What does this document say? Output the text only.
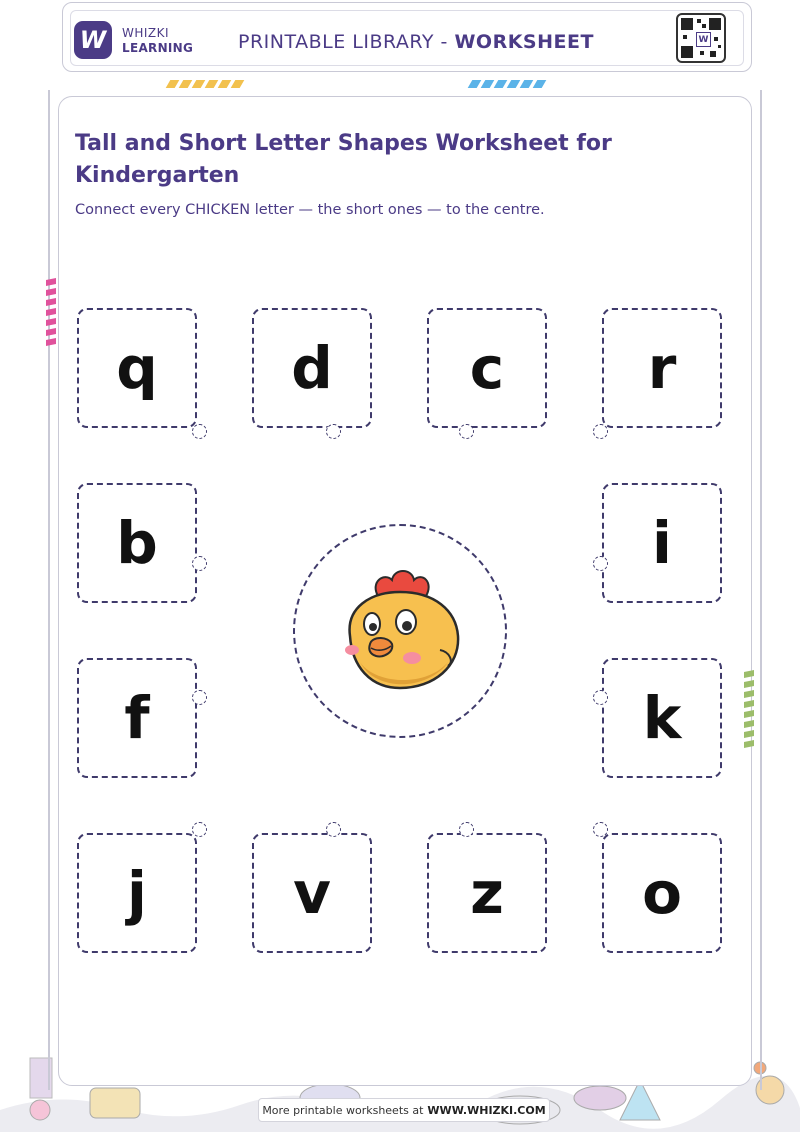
W	WHIZKI
LEARNING PRINTABLE LIBRARY - WORKSHEET	W
Tall and Short Letter Shapes Worksheet for Kindergarten
Connect every CHICKEN letter — the short ones — to the centre.
q d c r
b	i
f	k
j	v z o
More printable worksheets at WWW.WHIZKI.COM
